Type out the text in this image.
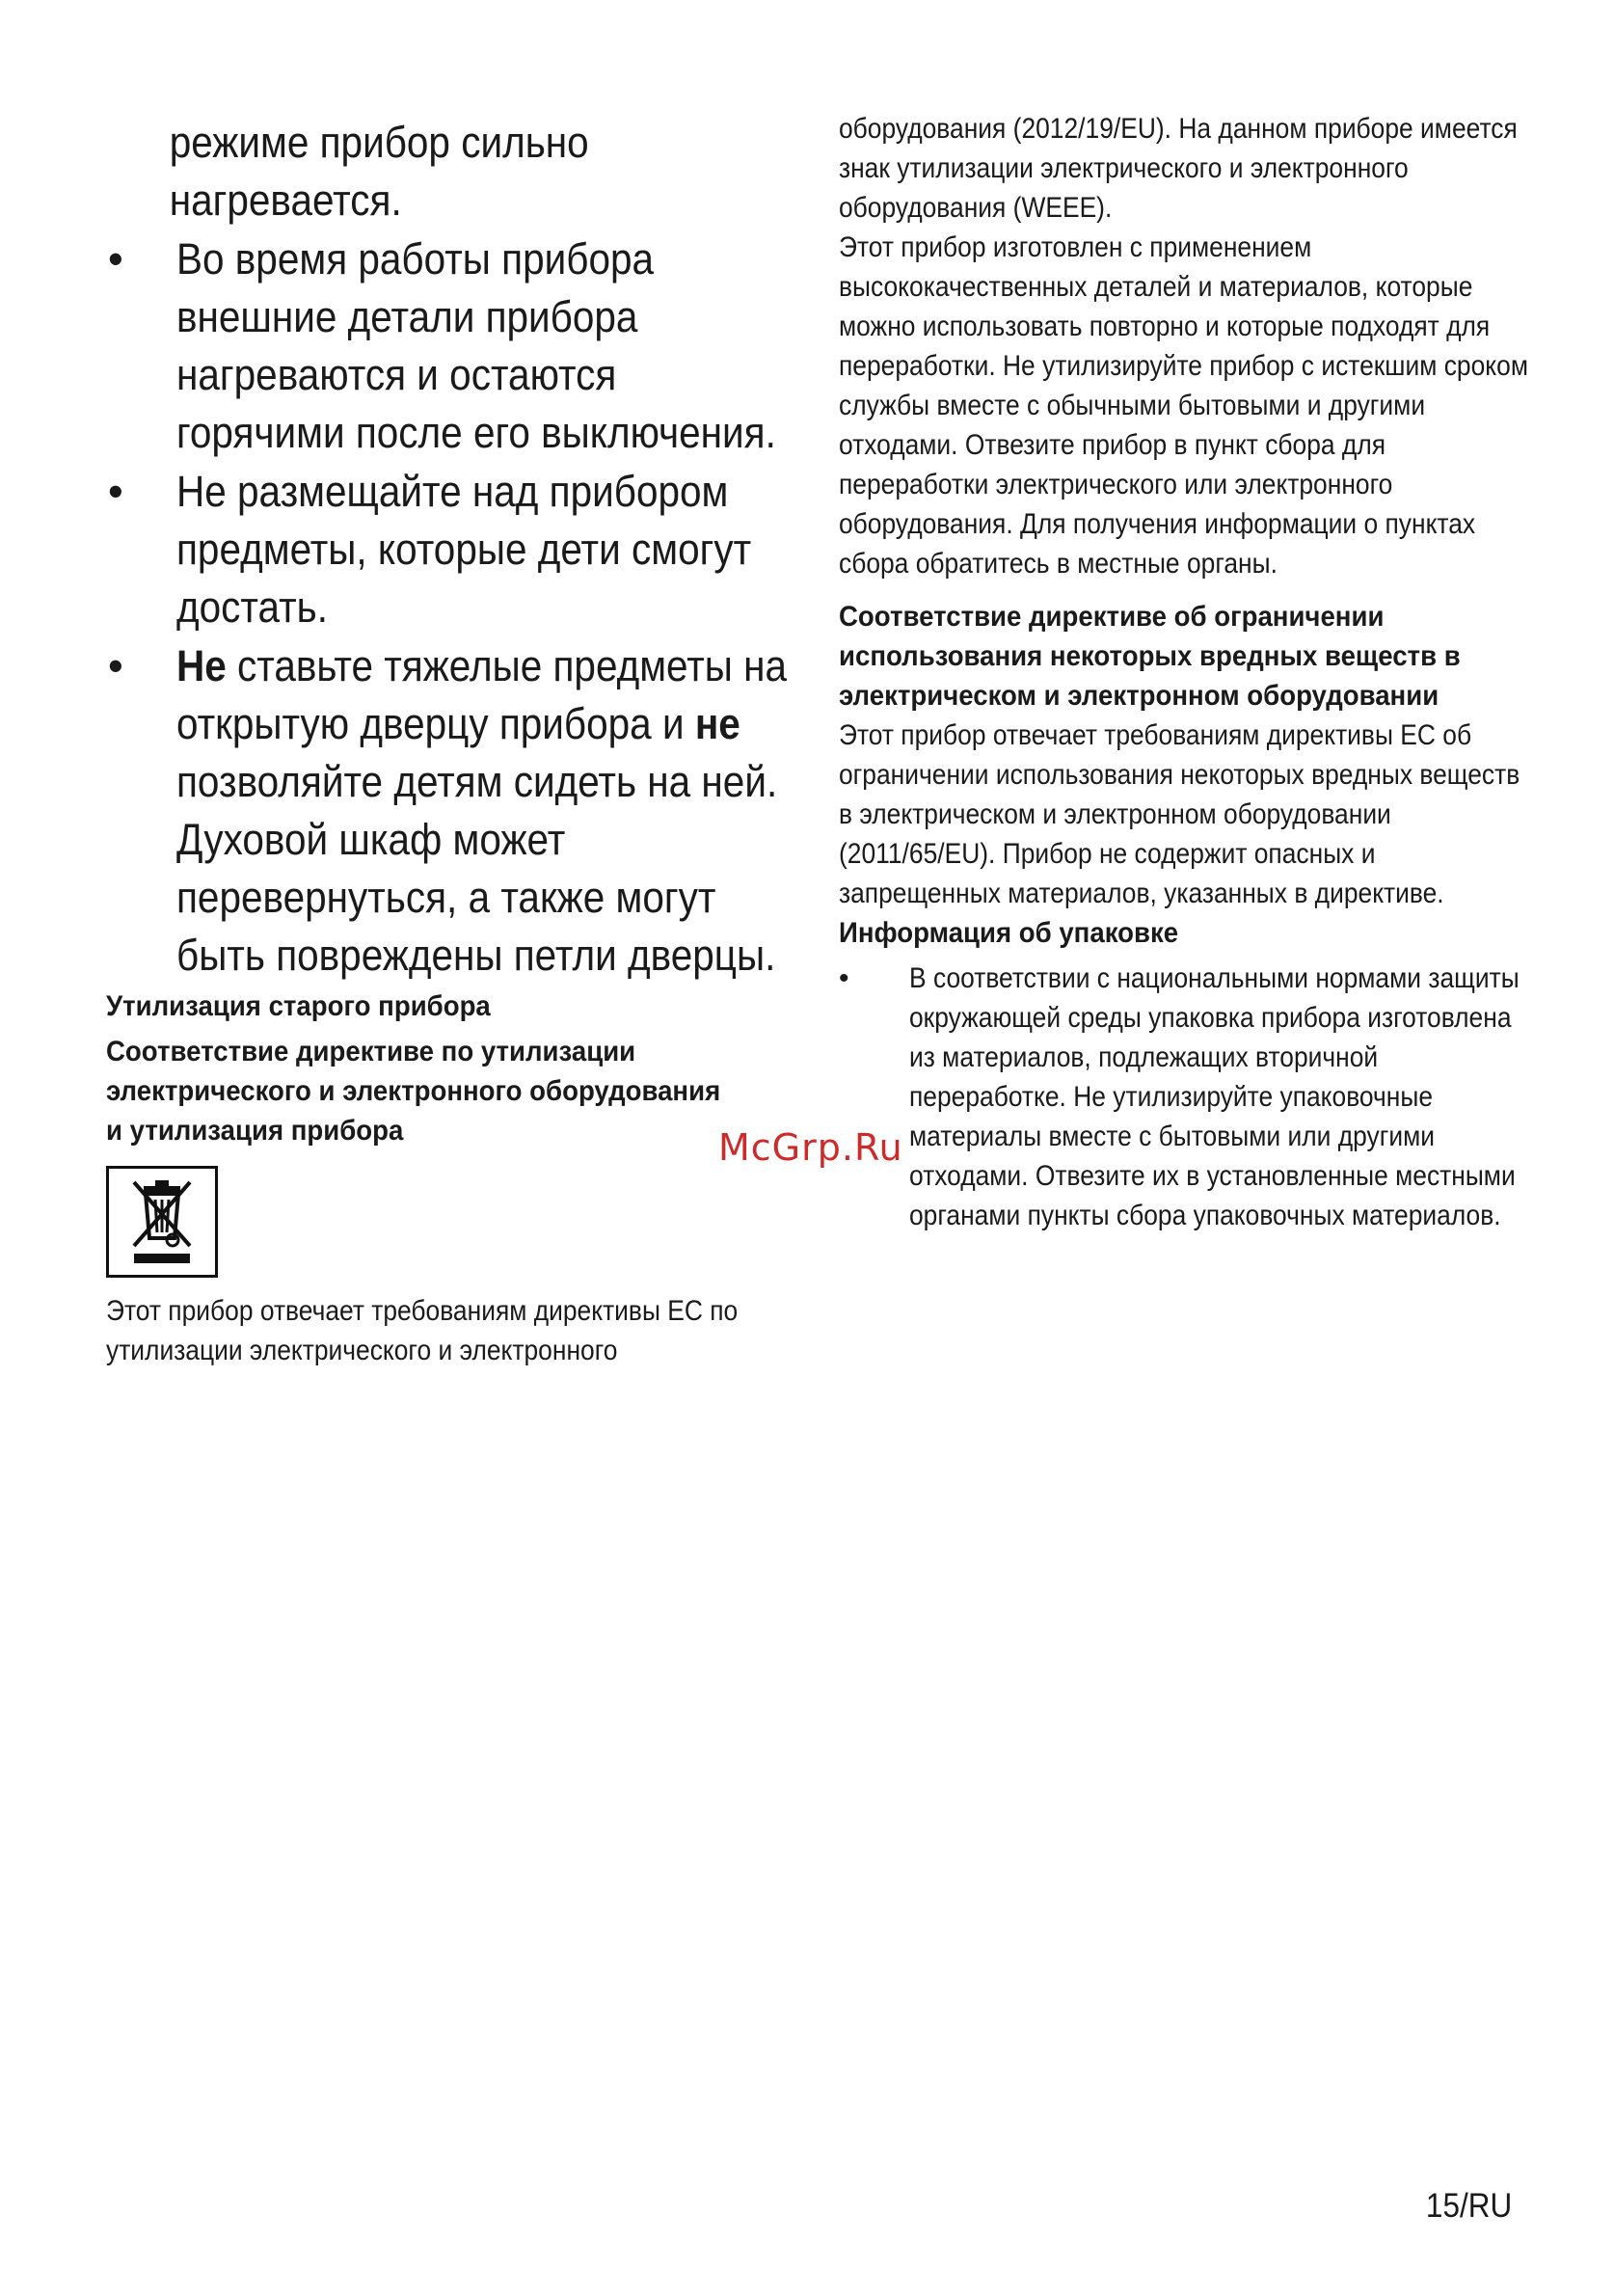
режиме прибор сильно
нагревается.
• Во время работы прибора внешние детали прибора нагреваются и остаются горячими после его выключения.
• Не размещайте над прибором предметы, которые дети смогут достать.
• Не ставьте тяжелые предметы на открытую дверцу прибора и не позволяйте детям сидеть на ней. Духовой шкаф может перевернуться, а также могут быть повреждены петли дверцы.
Утилизация старого прибора
Соответствие директиве по утилизации электрического и электронного оборудования и утилизация прибора
Этот прибор отвечает требованиям директивы ЕС по утилизации электрического и электронного
оборудования (2012/19/EU). На данном приборе имеется знак утилизации электрического и электронного оборудования (WEEE).
Этот прибор изготовлен с применением высококачественных деталей и материалов, которые можно использовать повторно и которые подходят для переработки. Не утилизируйте прибор с истекшим сроком службы вместе с обычными бытовыми и другими отходами. Отвезите прибор в пункт сбора для переработки электрического или электронного оборудования. Для получения информации о пунктах сбора обратитесь в местные органы.
Соответствие директиве об ограничении использования некоторых вредных веществ в электрическом и электронном оборудовании
Этот прибор отвечает требованиям директивы ЕС об ограничении использования некоторых вредных веществ в электрическом и электронном оборудовании (2011/65/EU). Прибор не содержит опасных и запрещенных материалов, указанных в директиве.
Информация об упаковке
• В соответствии с национальными нормами защиты окружающей среды упаковка прибора изготовлена из материалов, подлежащих вторичной переработке. Не утилизируйте упаковочные материалы вместе с бытовыми или другими отходами. Отвезите их в установленные местными органами пункты сбора упаковочных материалов.
McGrp.Ru
15/RU
